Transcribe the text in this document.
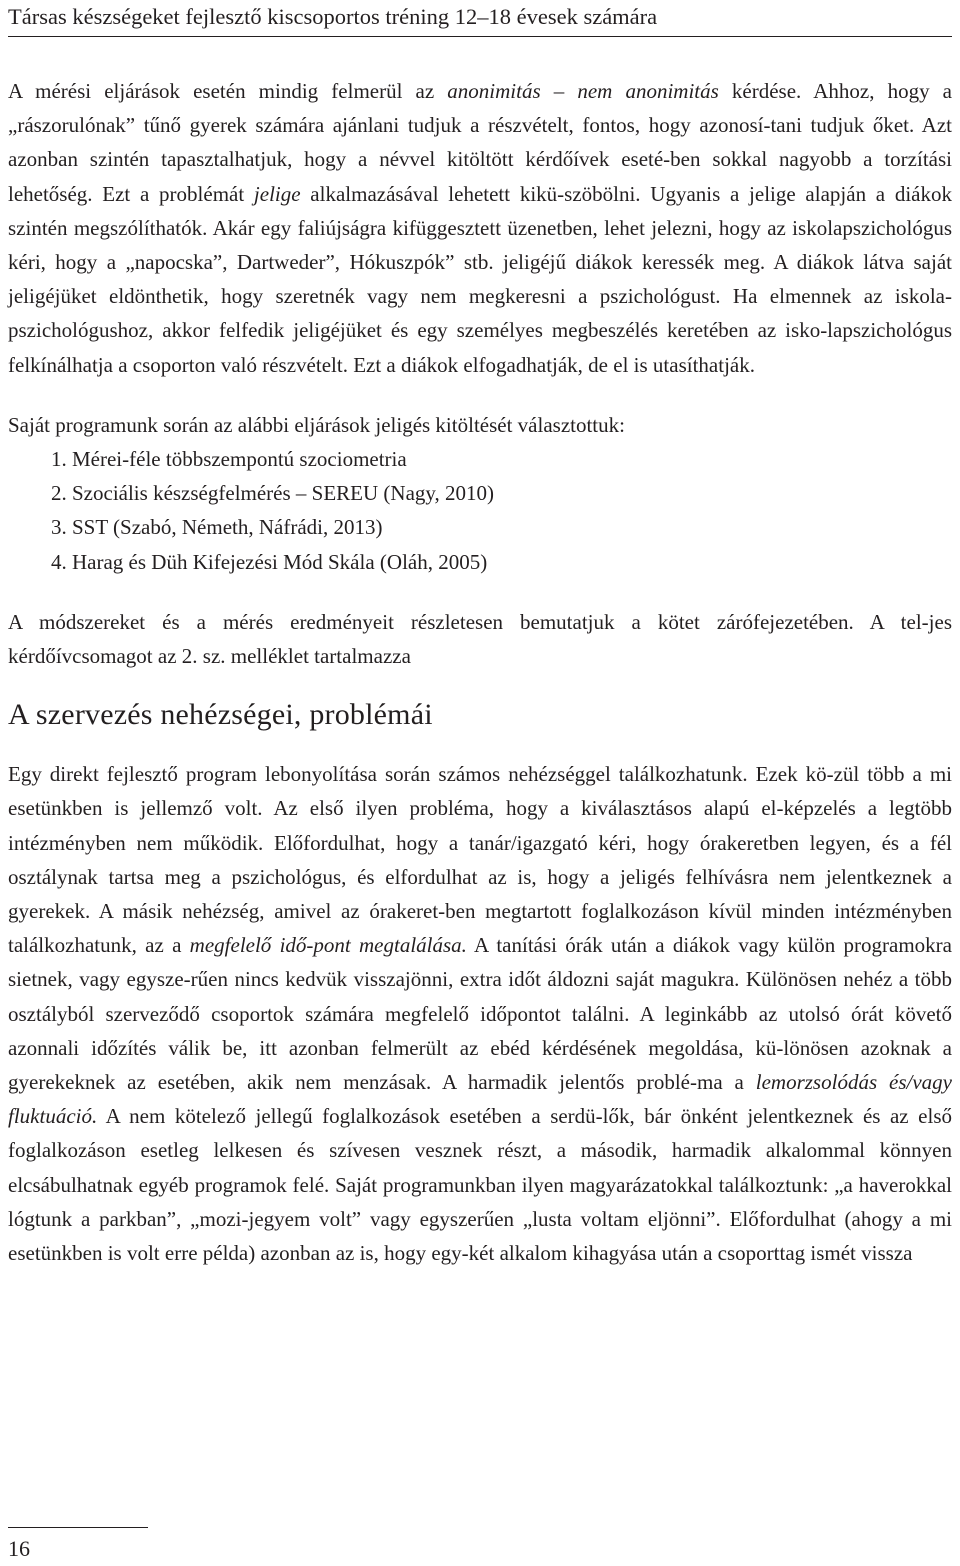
Társas készségeket fejlesztő kiscsoportos tréning 12–18 évesek számára

A mérési eljárások esetén mindig felmerül az anonimitás – nem anonimitás kérdése. Ahhoz, hogy a „rászorulónak” tűnő gyerek számára ajánlani tudjuk a részvételt, fontos, hogy azonosí-tani tudjuk őket. Azt azonban szintén tapasztalhatjuk, hogy a névvel kitöltött kérdőívek eseté-ben sokkal nagyobb a torzítási lehetőség. Ezt a problémát jelige alkalmazásával lehetett kikü-szöbölni. Ugyanis a jelige alapján a diákok szintén megszólíthatók. Akár egy faliújságra kifüggesztett üzenetben, lehet jelezni, hogy az iskolapszichológus kéri, hogy a „napocska”, Dartweder”, Hókuszpók” stb. jeligéjű diákok keressék meg. A diákok látva saját jeligéjüket eldönthetik, hogy szeretnék vagy nem megkeresni a pszichológust. Ha elmennek az iskola-pszichológushoz, akkor felfedik jeligéjüket és egy személyes megbeszélés keretében az isko-lapszichológus felkínálhatja a csoporton való részvételt. Ezt a diákok elfogadhatják, de el is utasíthatják.

Saját programunk során az alábbi eljárások jeligés kitöltését választottuk:

1. Mérei-féle többszempontú szociometria
2. Szociális készségfelmérés – SEREU (Nagy, 2010)
3. SST (Szabó, Németh, Náfrádi, 2013)
4. Harag és Düh Kifejezési Mód Skála (Oláh, 2005)

A módszereket és a mérés eredményeit részletesen bemutatjuk a kötet zárófejezetében. A tel-jes kérdőívcsomagot az 2. sz. melléklet tartalmazza

A szervezés nehézségei, problémái

Egy direkt fejlesztő program lebonyolítása során számos nehézséggel találkozhatunk. Ezek kö-zül több a mi esetünkben is jellemző volt. Az első ilyen probléma, hogy a kiválasztásos alapú el-képzelés a legtöbb intézményben nem működik. Előfordulhat, hogy a tanár/igazgató kéri, hogy órakeretben legyen, és a fél osztálynak tartsa meg a pszichológus, és elfordulhat az is, hogy a jeligés felhívásra nem jelentkeznek a gyerekek. A másik nehézség, amivel az órakeret-ben megtartott foglalkozáson kívül minden intézményben találkozhatunk, az a megfelelő idő-pont megtalálása. A tanítási órák után a diákok vagy külön programokra sietnek, vagy egysze-rűen nincs kedvük visszajönni, extra időt áldozni saját magukra. Különösen nehéz a több osztályból szerveződő csoportok számára megfelelő időpontot találni. A leginkább az utolsó órát követő azonnali időzítés válik be, itt azonban felmerült az ebéd kérdésének megoldása, kü-lönösen azoknak a gyerekeknek az esetében, akik nem menzásak. A harmadik jelentős problé-ma a lemorzsolódás és/vagy fluktuáció. A nem kötelező jellegű foglalkozások esetében a serdü-lők, bár önként jelentkeznek és az első foglalkozáson esetleg lelkesen és szívesen vesznek részt, a második, harmadik alkalommal könnyen elcsábulhatnak egyéb programok felé. Saját programunkban ilyen magyarázatokkal találkoztunk: „a haverokkal lógtunk a parkban”, „mozi-jegyem volt” vagy egyszerűen „lusta voltam eljönni”. Előfordulhat (ahogy a mi esetünkben is volt erre példa) azonban az is, hogy egy-két alkalom kihagyása után a csoporttag ismét vissza

16
